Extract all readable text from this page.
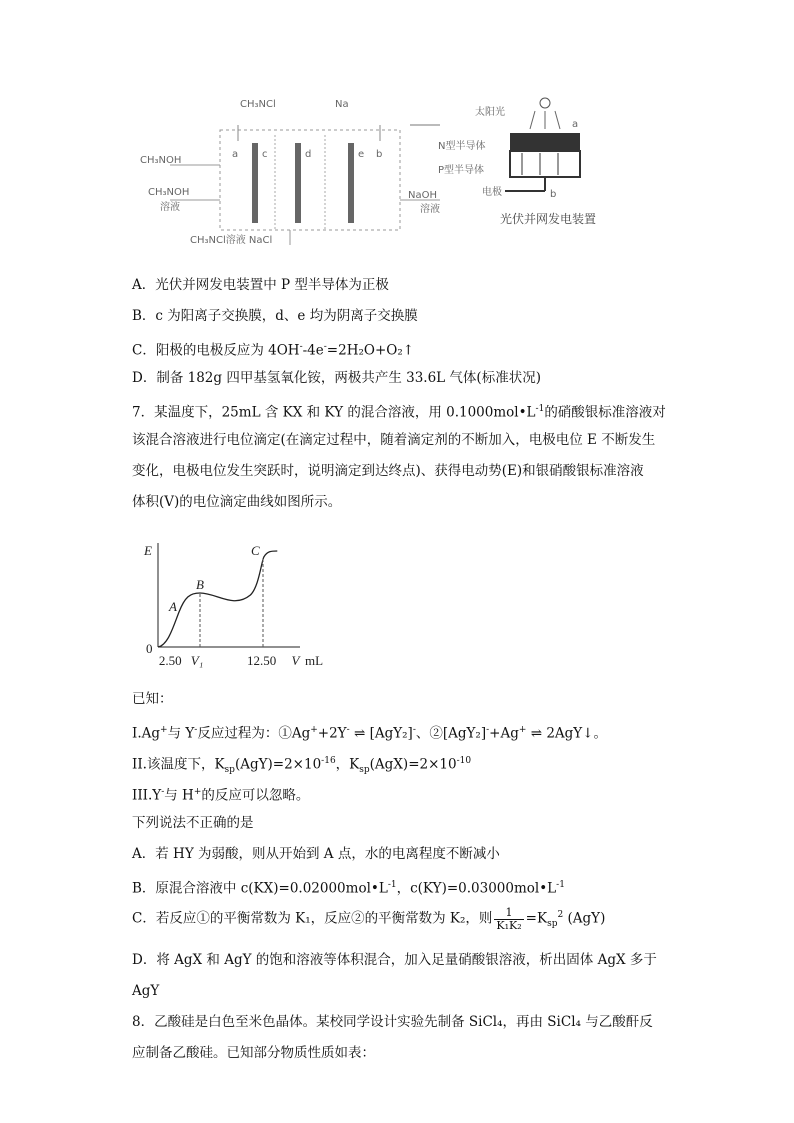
CH₃NCl	Na
CH₃NOH
CH₃NOH
溶液
NaOH
溶液
a	b
c	d	e
CH₃NCl溶液 NaCl
太阳光
N型半导体
P型半导体
电极
a
b
光伏并网发电装置
A．光伏并网发电装置中 P 型半导体为正极
B．c 为阳离子交换膜，d、e 均为阴离子交换膜
C．阳极的电极反应为 4OH--4e-=2H₂O+O₂↑
D．制备 182g 四甲基氢氧化铵，两极共产生 33.6L 气体(标准状况)
7．某温度下，25mL 含 KX 和 KY 的混合溶液，用 $0.1000mol•L^{-1}$的硝酸银标准溶液对
该混合溶液进行电位滴定(在滴定过程中，随着滴定剂的不断加入，电极电位 E 不断发生
变化，电极电位发生突跃时，说明滴定到达终点)、获得电动势(E)和银硝酸银标准溶液
体积(V)的电位滴定曲线如图所示。
E
0
A
B
C
2.50 V₁	12.50 V mL
已知：
I.Ag+与 Y-反应过程为：①Ag++2Y- ⇌ [AgY₂]-、②[AgY₂]-+Ag+ ⇌ 2AgY↓。
II.该温度下，$K_{sp}(AgY)=2\times 10^{-16}$，$K_{sp}(AgX)=2\times 10^{-10}$
III.Y-与 H+的反应可以忽略。
下列说法不正确的是
A．若 HY 为弱酸，则从开始到 A 点，水的电离程度不断减小
B．原混合溶液中 $c(KX)=0.02000mol•L^{-1}$，$c(KY)=0.03000mol•L^{-1}$
C．若反应①的平衡常数为 K₁，反应②的平衡常数为 K₂，则 $\frac{1}{\text{K₁K₂}} =K_{sp}^2$ (AgY)
D．将 AgX 和 AgY 的饱和溶液等体积混合，加入足量硝酸银溶液，析出固体 AgX 多于
AgY
8．乙酸硅是白色至米色晶体。某校同学设计实验先制备 SiCl₄，再由 SiCl₄ 与乙酸酐反
应制备乙酸硅。已知部分物质性质如表：
